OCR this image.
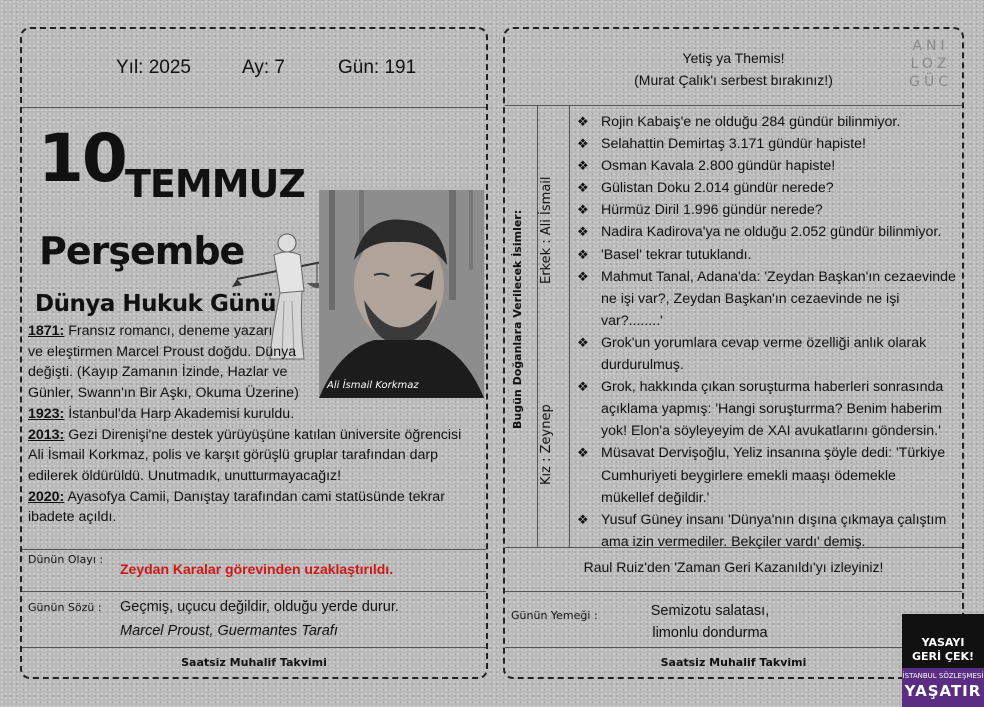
Yıl: 2025	Ay: 7	Gün: 191
10 TEMMUZ
Perşembe
Ali İsmail Korkmaz
Dünya Hukuk Günü

1871: Fransız romancı, deneme yazarı

ve eleştirmen Marcel Proust doğdu. Dünya

değişti. (Kayıp Zamanın İzinde, Hazlar ve

Günler, Swann'ın Bir Aşkı, Okuma Üzerine)

1923: İstanbul'da Harp Akademisi kuruldu.

2013: Gezi Direnişi'ne destek yürüyüşüne katılan üniversite öğrencisi

Ali İsmail Korkmaz, polis ve karşıt görüşlü gruplar tarafından darp

edilerek öldürüldü. Unutmadık, unutturmayacağız!

2020: Ayasofya Camii, Danıştay tarafından cami statüsünde tekrar

ibadete açıldı.

Dünün Olayı :
Zeydan Karalar görevinden uzaklaştırıldı.
Günün Sözü : Geçmiş, uçucu değildir, olduğu yerde durur.
Marcel Proust, Guermantes Tarafı
Saatsiz Muhalif Takvimi
Yetiş ya Themis!
(Murat Çalık'ı serbest bırakınız!)
ANI
LOZ
GÜC
Bugün Doğanlara Verilecek İsimler: Erkek : Ali İsmail
Kız : Zeynep
❖ Rojin Kabaiş'e ne olduğu 284 gündür bilinmiyor.
❖ Selahattin Demirtaş 3.171 gündür hapiste!
❖ Osman Kavala 2.800 gündür hapiste!
❖ Gülistan Doku 2.014 gündür nerede?
❖ Hürmüz Diril 1.996 gündür nerede?
❖ Nadira Kadirova'ya ne olduğu 2.052 gündür bilinmiyor.
❖ 'Basel' tekrar tutuklandı.
❖ Mahmut Tanal, Adana'da: 'Zeydan Başkan'ın cezaevinde
ne işi var?, Zeydan Başkan'ın cezaevinde ne işi var?........'
❖ Grok'un yorumlara cevap verme özelliği anlık olarak
durdurulmuş.
❖ Grok, hakkında çıkan soruşturma haberleri sonrasında
açıklama yapmış: 'Hangi soruşturrma? Benim haberim
yok! Elon'a söyleyeyim de XAI avukatlarını göndersin.'
❖ Müsavat Dervişoğlu, Yeliz insanına şöyle dedi: 'Türkiye
Cumhuriyeti beygirlere emekli maaşı ödemekle
mükellef değildir.'
❖ Yusuf Güney insanı 'Dünya'nın dışına çıkmaya çalıştım
ama izin vermediler. Bekçiler vardı' demiş.
Raul Ruiz'den 'Zaman Geri Kazanıldı'yı izleyiniz!
Günün Yemeği :	Semizotu salatası,
limonlu dondurma
Saatsiz Muhalif Takvimi
YASAYI
GERİ ÇEK!
İSTANBUL SÖZLEŞMESİ
YAŞATIR
